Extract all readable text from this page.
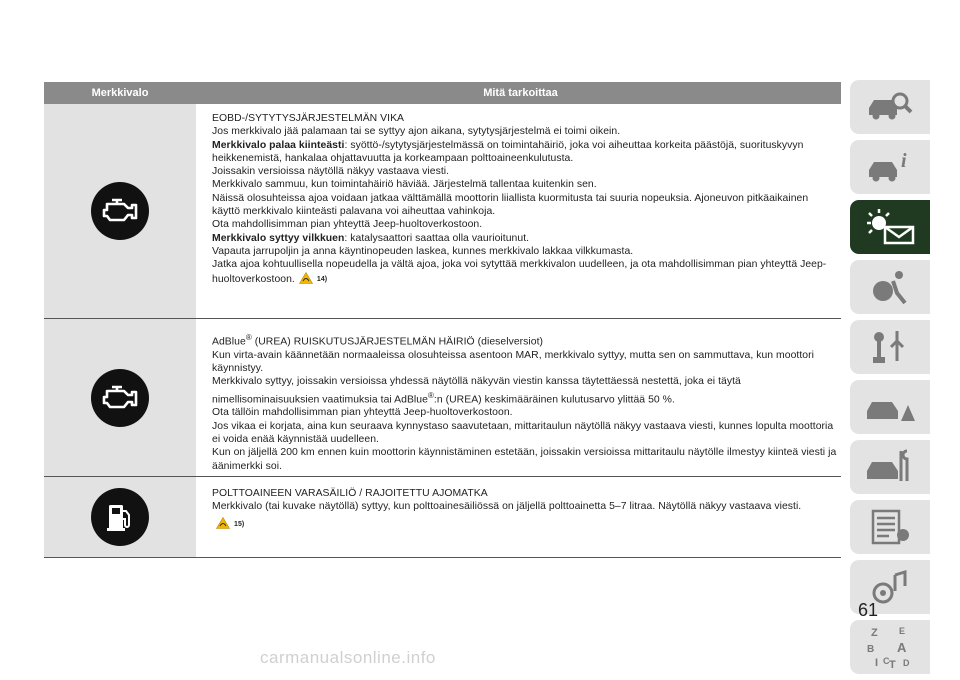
Merkkivalo	Mitä tarkoittaa

EOBD-/SYTYTYSJÄRJESTELMÄN VIKA

Jos merkkivalo jää palamaan tai se syttyy ajon aikana, sytytysjärjestelmä ei toimi oikein.

Merkkivalo palaa kiinteästi: syöttö-/sytytysjärjestelmässä on toimintahäiriö, joka voi aiheuttaa korkeita päästöjä, suorituskyvyn heikkenemistä, hankalaa ohjattavuutta ja korkeampaan polttoaineenkulutusta.

Joissakin versioissa näytöllä näkyy vastaava viesti.

Merkkivalo sammuu, kun toimintahäiriö häviää. Järjestelmä tallentaa kuitenkin sen.

Näissä olosuhteissa ajoa voidaan jatkaa välttämällä moottorin liiallista kuormitusta tai suuria nopeuksia. Ajoneuvon pitkäaikainen käyttö merkkivalo kiinteästi palavana voi aiheuttaa vahinkoja.

Ota mahdollisimman pian yhteyttä Jeep-huoltoverkostoon.

Merkkivalo syttyy vilkkuen: katalysaattori saattaa olla vaurioitunut.

Vapauta jarrupoljin ja anna käyntinopeuden laskea, kunnes merkkivalo lakkaa vilkkumasta.

Jatka ajoa kohtuullisella nopeudella ja vältä ajoa, joka voi sytyttää merkkivalon uudelleen, ja ota mahdollisimman pian yhteyttä Jeep-huoltoverkostoon.	14)

AdBlue® (UREA) RUISKUTUSJÄRJESTELMÄN HÄIRIÖ (dieselversiot)

Kun virta-avain käännetään normaaleissa olosuhteissa asentoon MAR, merkkivalo syttyy, mutta sen on sammuttava, kun moottori käynnistyy.

Merkkivalo syttyy, joissakin versioissa yhdessä näytöllä näkyvän viestin kanssa täytettäessä nestettä, joka ei täytä nimellisominaisuuksien vaatimuksia tai AdBlue®:n (UREA) keskimääräinen kulutusarvo ylittää 50 %.

Ota tällöin mahdollisimman pian yhteyttä Jeep-huoltoverkostoon.

Jos vikaa ei korjata, aina kun seuraava kynnystaso saavutetaan, mittaritaulun näytöllä näkyy vastaava viesti, kunnes lopulta moottoria ei voida enää käynnistää uudelleen.

Kun on jäljellä 200 km ennen kuin moottorin käynnistäminen estetään, joissakin versioissa mittaritaulu näytölle ilmestyy kiinteä viesti ja äänimerkki soi.

POLTTOAINEEN VARASÄILIÖ / RAJOITETTU AJOMATKA

Merkkivalo (tai kuvake näytöllä) syttyy, kun polttoainesäiliössä on jäljellä polttoainetta 5–7 litraa. Näytöllä näkyy vastaava viesti.

15)

i
Z E
B A
I C T D
61
carmanualsonline.info
